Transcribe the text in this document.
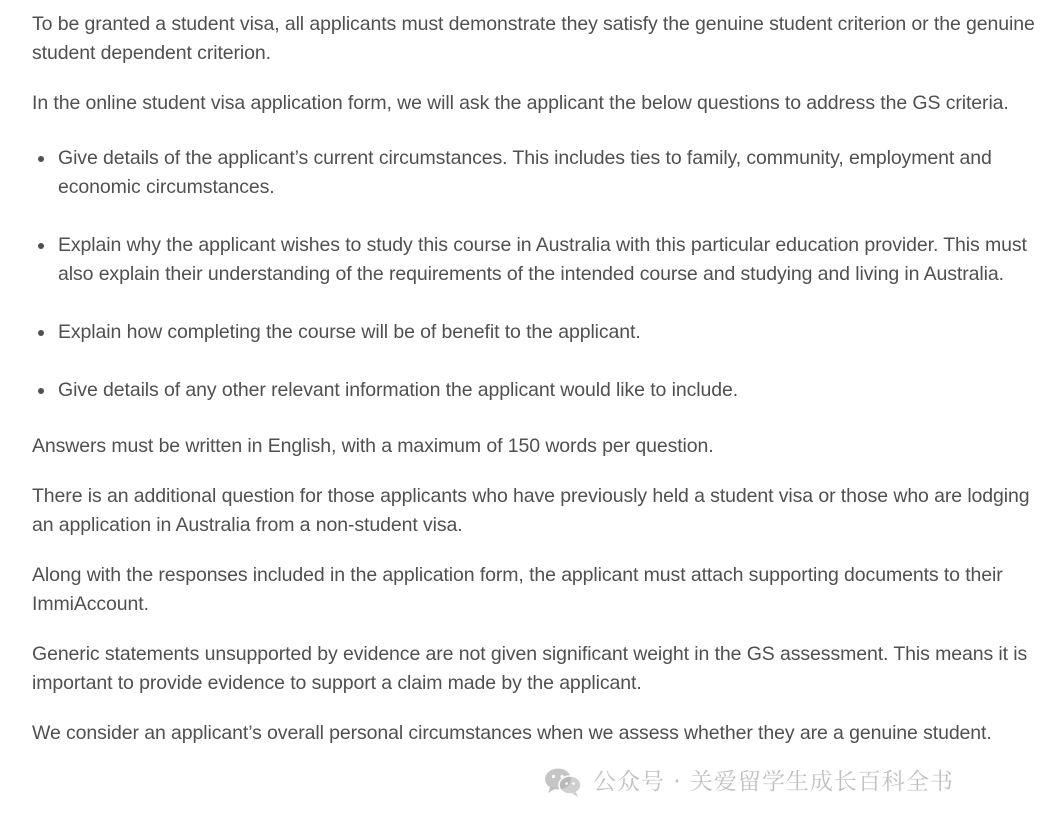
To be granted a student visa, all applicants must demonstrate they satisfy the genuine student criterion or the genuine student dependent criterion.

In the online student visa application form, we will ask the applicant the below questions to address the GS criteria.

Give details of the applicant’s current circumstances. This includes ties to family, community, employment and economic circumstances.
Explain why the applicant wishes to study this course in Australia with this particular education provider. This must also explain their understanding of the requirements of the intended course and studying and living in Australia.
Explain how completing the course will be of benefit to the applicant.
Give details of any other relevant information the applicant would like to include.

Answers must be written in English, with a maximum of 150 words per question.

There is an additional question for those applicants who have previously held a student visa or those who are lodging an application in Australia from a non-student visa.

Along with the responses included in the application form, the applicant must attach supporting documents to their ImmiAccount.

Generic statements unsupported by evidence are not given significant weight in the GS assessment. This means it is important to provide evidence to support a claim made by the applicant.

We consider an applicant’s overall personal circumstances when we assess whether they are a genuine student.

公众号 · 关爱留学生成长百科全书
